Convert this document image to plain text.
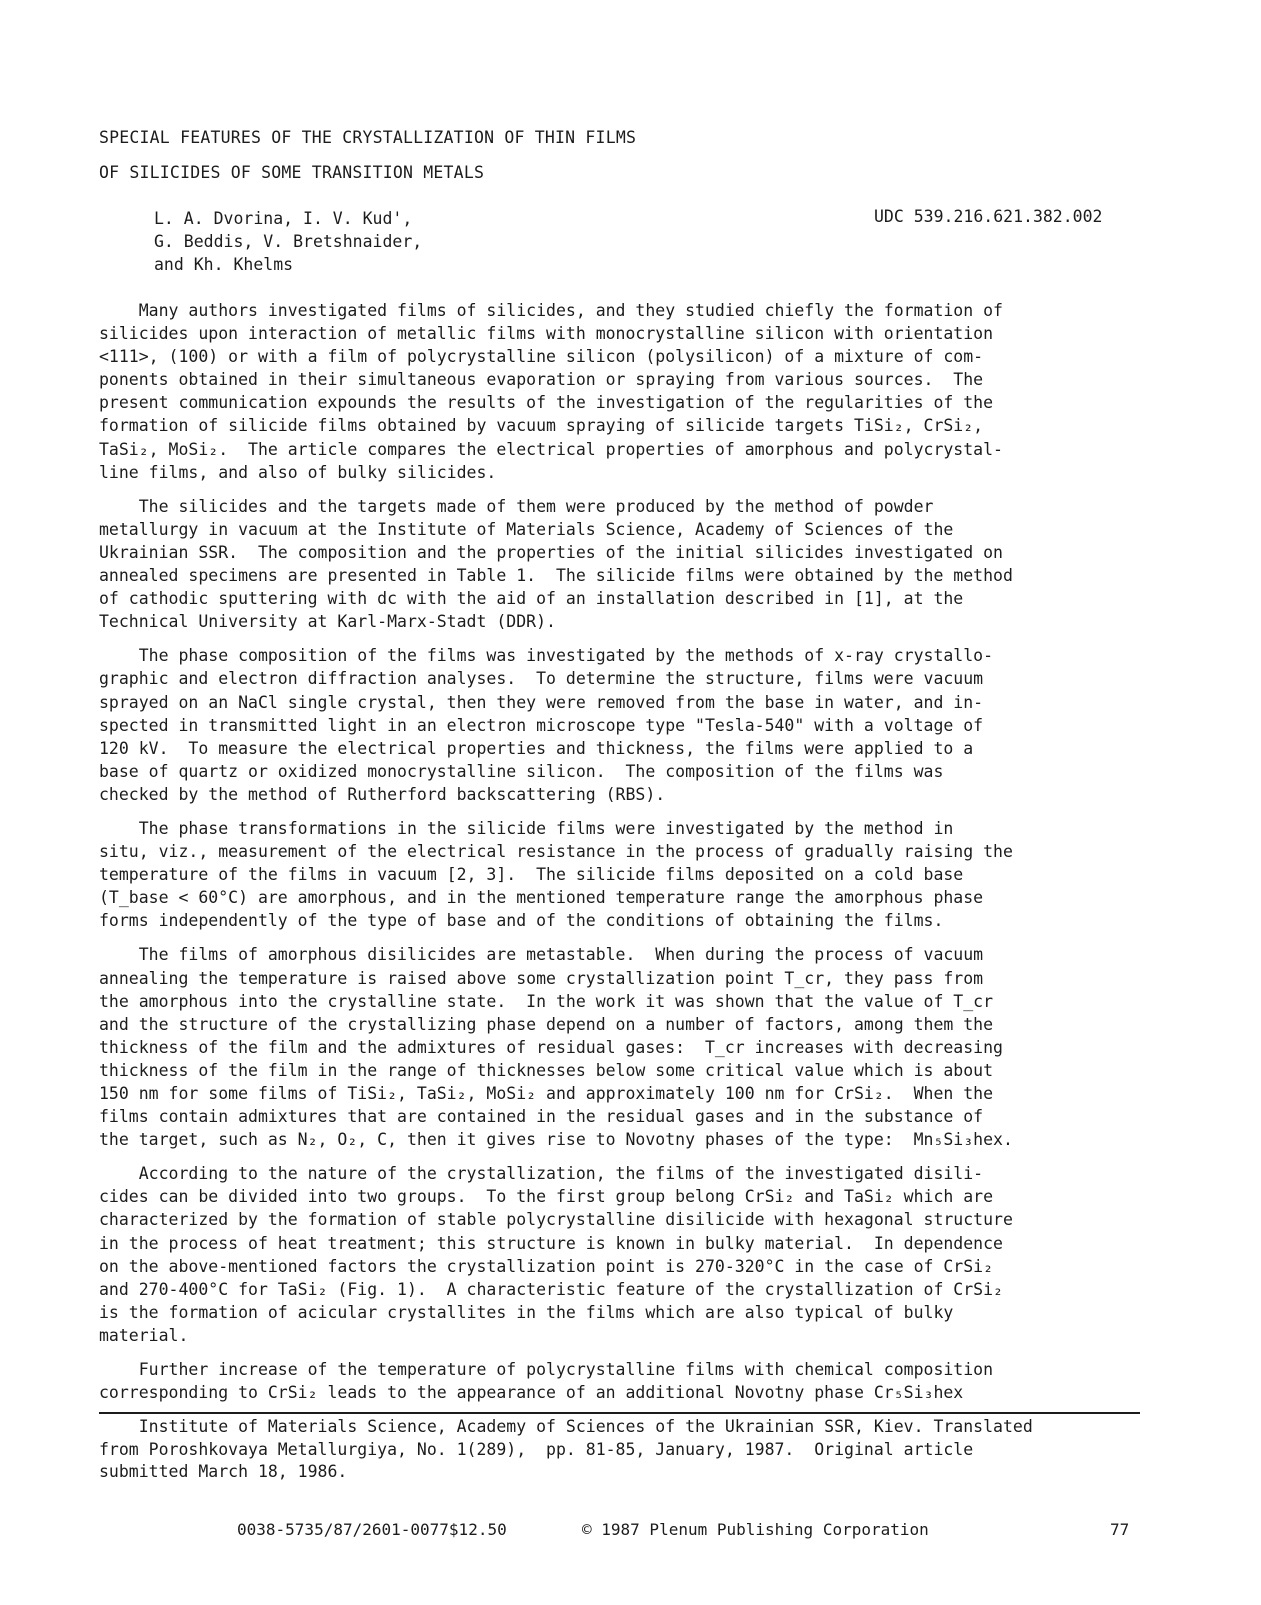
SPECIAL FEATURES OF THE CRYSTALLIZATION OF THIN FILMS
OF SILICIDES OF SOME TRANSITION METALS
L. A. Dvorina, I. V. Kud',
G. Beddis, V. Bretshnaider,
and Kh. Khelms
UDC 539.216.621.382.002
Many authors investigated films of silicides, and they studied chiefly the formation of
silicides upon interaction of metallic films with monocrystalline silicon with orientation
<111>, (100) or with a film of polycrystalline silicon (polysilicon) of a mixture of com-
ponents obtained in their simultaneous evaporation or spraying from various sources.  The
present communication expounds the results of the investigation of the regularities of the
formation of silicide films obtained by vacuum spraying of silicide targets TiSi₂, CrSi₂,
TaSi₂, MoSi₂.  The article compares the electrical properties of amorphous and polycrystal-
line films, and also of bulky silicides.
The silicides and the targets made of them were produced by the method of powder
metallurgy in vacuum at the Institute of Materials Science, Academy of Sciences of the
Ukrainian SSR.  The composition and the properties of the initial silicides investigated on
annealed specimens are presented in Table 1.  The silicide films were obtained by the method
of cathodic sputtering with dc with the aid of an installation described in [1], at the
Technical University at Karl-Marx-Stadt (DDR).
The phase composition of the films was investigated by the methods of x-ray crystallo-
graphic and electron diffraction analyses.  To determine the structure, films were vacuum
sprayed on an NaCl single crystal, then they were removed from the base in water, and in-
spected in transmitted light in an electron microscope type "Tesla-540" with a voltage of
120 kV.  To measure the electrical properties and thickness, the films were applied to a
base of quartz or oxidized monocrystalline silicon.  The composition of the films was
checked by the method of Rutherford backscattering (RBS).
The phase transformations in the silicide films were investigated by the method in
situ, viz., measurement of the electrical resistance in the process of gradually raising the
temperature of the films in vacuum [2, 3].  The silicide films deposited on a cold base
(T_base < 60°C) are amorphous, and in the mentioned temperature range the amorphous phase
forms independently of the type of base and of the conditions of obtaining the films.
The films of amorphous disilicides are metastable.  When during the process of vacuum
annealing the temperature is raised above some crystallization point T_cr, they pass from
the amorphous into the crystalline state.  In the work it was shown that the value of T_cr
and the structure of the crystallizing phase depend on a number of factors, among them the
thickness of the film and the admixtures of residual gases:  T_cr increases with decreasing
thickness of the film in the range of thicknesses below some critical value which is about
150 nm for some films of TiSi₂, TaSi₂, MoSi₂ and approximately 100 nm for CrSi₂.  When the
films contain admixtures that are contained in the residual gases and in the substance of
the target, such as N₂, O₂, C, then it gives rise to Novotny phases of the type:  Mn₅Si₃hex.
According to the nature of the crystallization, the films of the investigated disili-
cides can be divided into two groups.  To the first group belong CrSi₂ and TaSi₂ which are
characterized by the formation of stable polycrystalline disilicide with hexagonal structure
in the process of heat treatment; this structure is known in bulky material.  In dependence
on the above-mentioned factors the crystallization point is 270-320°C in the case of CrSi₂
and 270-400°C for TaSi₂ (Fig. 1).  A characteristic feature of the crystallization of CrSi₂
is the formation of acicular crystallites in the films which are also typical of bulky
material.
Further increase of the temperature of polycrystalline films with chemical composition
corresponding to CrSi₂ leads to the appearance of an additional Novotny phase Cr₅Si₃hex
Institute of Materials Science, Academy of Sciences of the Ukrainian SSR, Kiev. Translated
from Poroshkovaya Metallurgiya, No. 1(289),  pp. 81-85, January, 1987.  Original article
submitted March 18, 1986.
0038-5735/87/2601-0077$12.50	© 1987 Plenum Publishing Corporation	77
